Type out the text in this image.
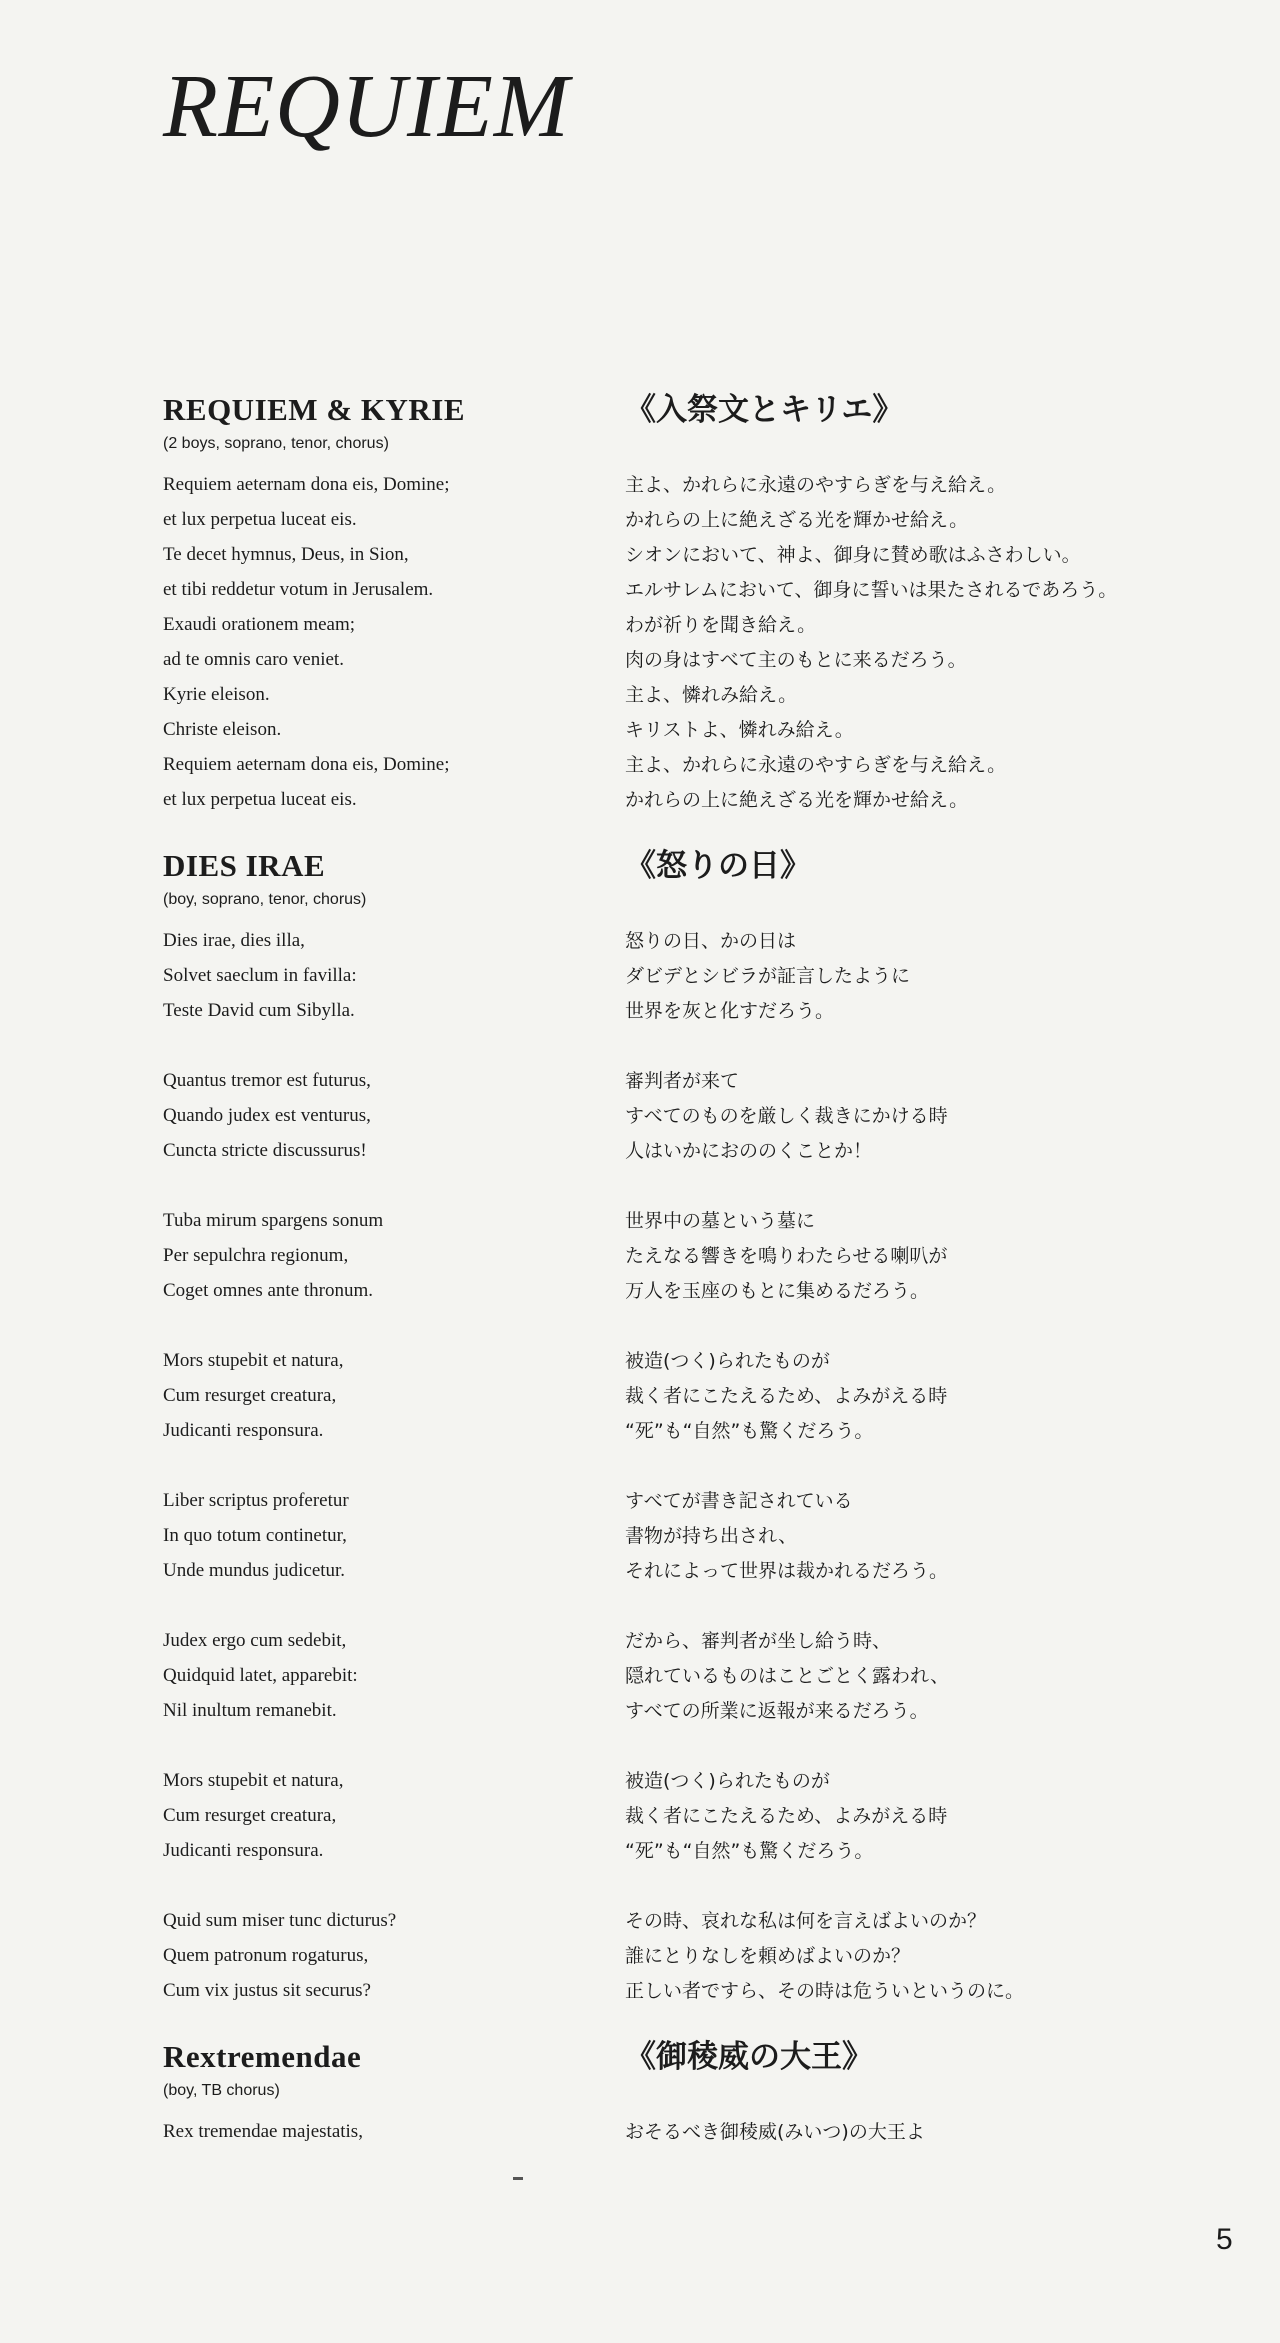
REQUIEM
REQUIEM & KYRIE	《入祭文とキリエ》
(2 boys, soprano, tenor, chorus)
Requiem aeternam dona eis, Domine;	主よ、かれらに永遠のやすらぎを与え給え。
et lux perpetua luceat eis.	かれらの上に絶えざる光を輝かせ給え。
Te decet hymnus, Deus, in Sion,	シオンにおいて、神よ、御身に賛め歌はふさわしい。
et tibi reddetur votum in Jerusalem.	エルサレムにおいて、御身に誓いは果たされるであろう。
Exaudi orationem meam;	わが祈りを聞き給え。
ad te omnis caro veniet.	肉の身はすべて主のもとに来るだろう。
Kyrie eleison.	主よ、憐れみ給え。
Christe eleison.	キリストよ、憐れみ給え。
Requiem aeternam dona eis, Domine;	主よ、かれらに永遠のやすらぎを与え給え。
et lux perpetua luceat eis.	かれらの上に絶えざる光を輝かせ給え。
DIES IRAE	《怒りの日》
(boy, soprano, tenor, chorus)
Dies irae, dies illa,	怒りの日、かの日は
Solvet saeclum in favilla:	ダビデとシビラが証言したように
Teste David cum Sibylla.	世界を灰と化すだろう。
Quantus tremor est futurus,	審判者が来て
Quando judex est venturus,	すべてのものを厳しく裁きにかける時
Cuncta stricte discussurus!	人はいかにおののくことか！
Tuba mirum spargens sonum	世界中の墓という墓に
Per sepulchra regionum,	たえなる響きを鳴りわたらせる喇叭が
Coget omnes ante thronum.	万人を玉座のもとに集めるだろう。
Mors stupebit et natura,	被造(つく)られたものが
Cum resurget creatura,	裁く者にこたえるため、よみがえる時
Judicanti responsura.	“死”も“自然”も驚くだろう。
Liber scriptus proferetur	すべてが書き記されている
In quo totum continetur,	書物が持ち出され、
Unde mundus judicetur.	それによって世界は裁かれるだろう。
Judex ergo cum sedebit,	だから、審判者が坐し給う時、
Quidquid latet, apparebit:	隠れているものはことごとく露われ、
Nil inultum remanebit.	すべての所業に返報が来るだろう。
Mors stupebit et natura,	被造(つく)られたものが
Cum resurget creatura,	裁く者にこたえるため、よみがえる時
Judicanti responsura.	“死”も“自然”も驚くだろう。
Quid sum miser tunc dicturus?	その時、哀れな私は何を言えばよいのか？
Quem patronum rogaturus,	誰にとりなしを頼めばよいのか？
Cum vix justus sit securus?	正しい者ですら、その時は危ういというのに。
Rextremendae	《御稜威の大王》
(boy, TB chorus)
Rex tremendae majestatis,	おそるべき御稜威(みいつ)の大王よ
5
